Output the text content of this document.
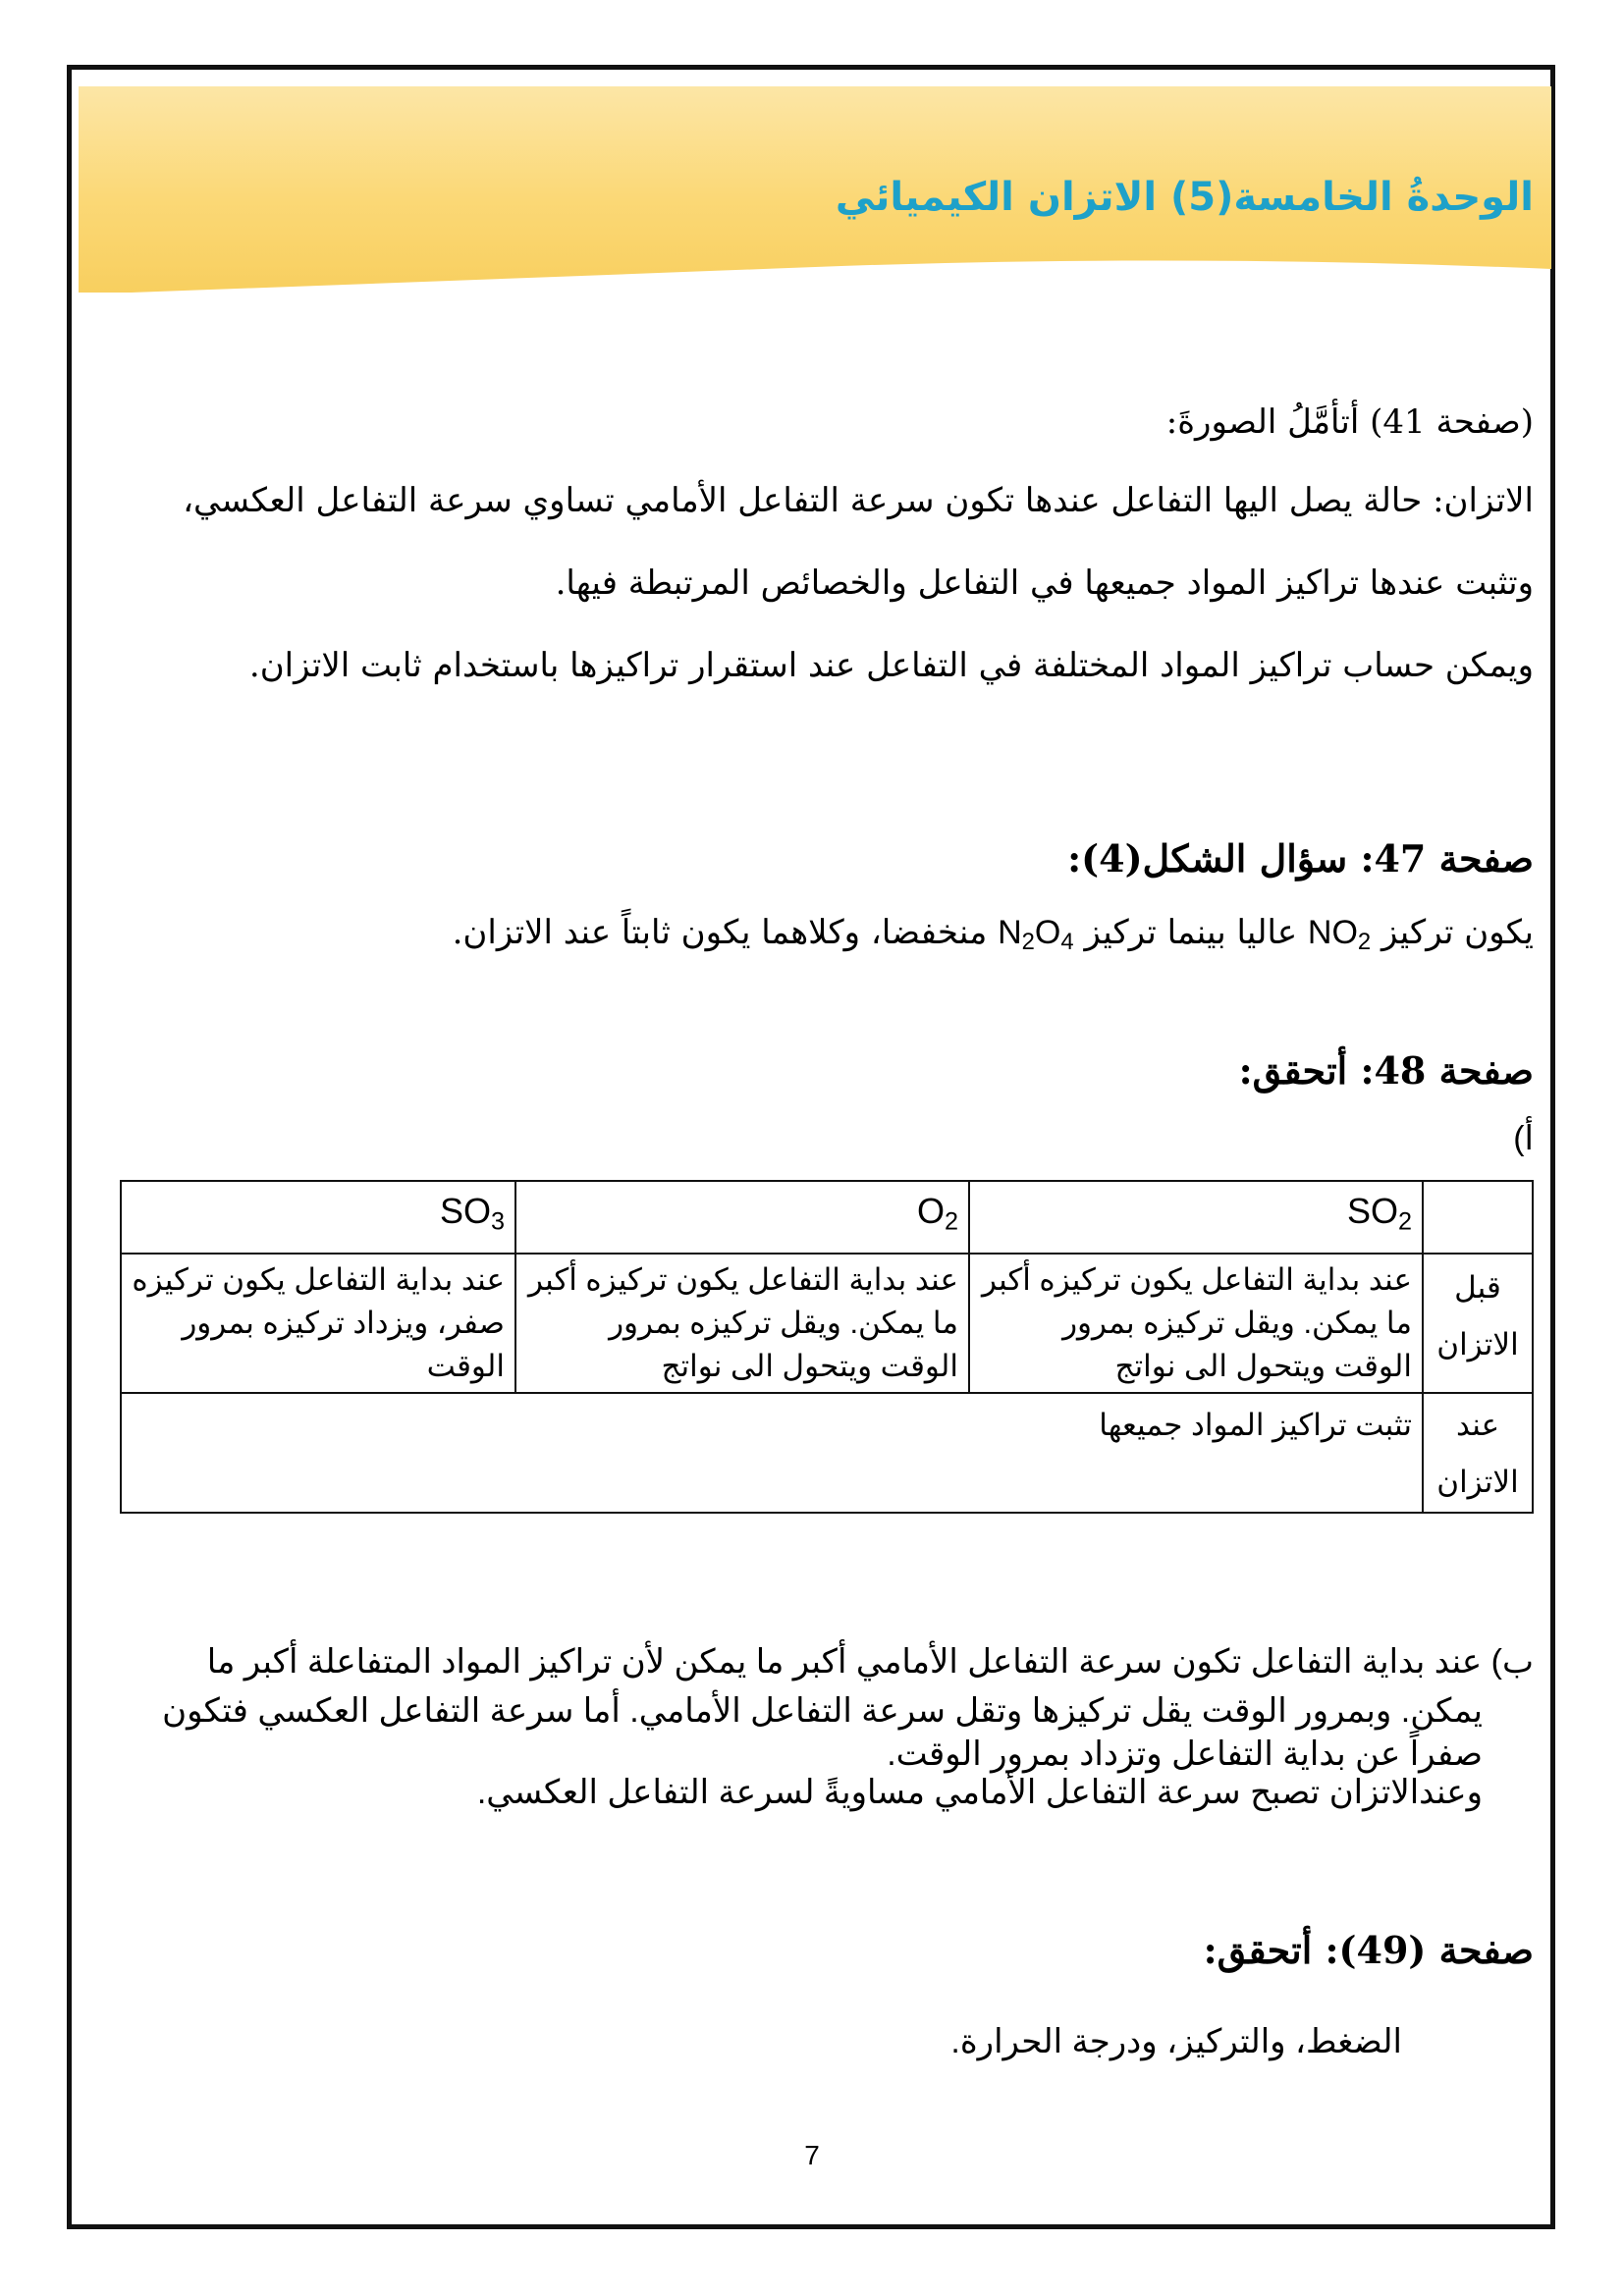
الوحدةُ الخامسة(5) الاتزان الكيميائي
(صفحة 41) أتأمَّلُ الصورةَ:
الاتزان: حالة يصل اليها التفاعل عندها تكون سرعة التفاعل الأمامي تساوي سرعة التفاعل العكسي،
وتثبت عندها تراكيز المواد جميعها في التفاعل والخصائص المرتبطة فيها.
ويمكن حساب تراكيز المواد المختلفة في التفاعل عند استقرار تراكيزها باستخدام ثابت الاتزان.
صفحة 47: سؤال الشكل(4):
يكون تركيز $NO_2$ عاليا بينما تركيز $N_2O_4$ منخفضا، وكلاهما يكون ثابتاً عند الاتزان.
صفحة 48: أتحقق:
أ)
	$SO_2$	$O_2$	$SO_3$

قبل
الاتزان	عند بداية التفاعل يكون تركيزه أكبر ما يمكن. ويقل تركيزه بمرور الوقت ويتحول الى نواتج	عند بداية التفاعل يكون تركيزه أكبر ما يمكن. ويقل تركيزه بمرور الوقت ويتحول الى نواتج	عند بداية التفاعل يكون تركيزه صفر، ويزداد تركيزه بمرور الوقت

عند
الاتزان	تثبت تراكيز المواد جميعها		
ب) عند بداية التفاعل تكون سرعة التفاعل الأمامي أكبر ما يمكن لأن تراكيز المواد المتفاعلة أكبر ما
يمكن. وبمرور الوقت يقل تركيزها وتقل سرعة التفاعل الأمامي. أما سرعة التفاعل العكسي فتكون
صفراً عن بداية التفاعل وتزداد بمرور الوقت.
وعندالاتزان تصبح سرعة التفاعل الأمامي مساويةً لسرعة التفاعل العكسي.
صفحة (49): أتحقق:
الضغط، والتركيز، ودرجة الحرارة.
7
